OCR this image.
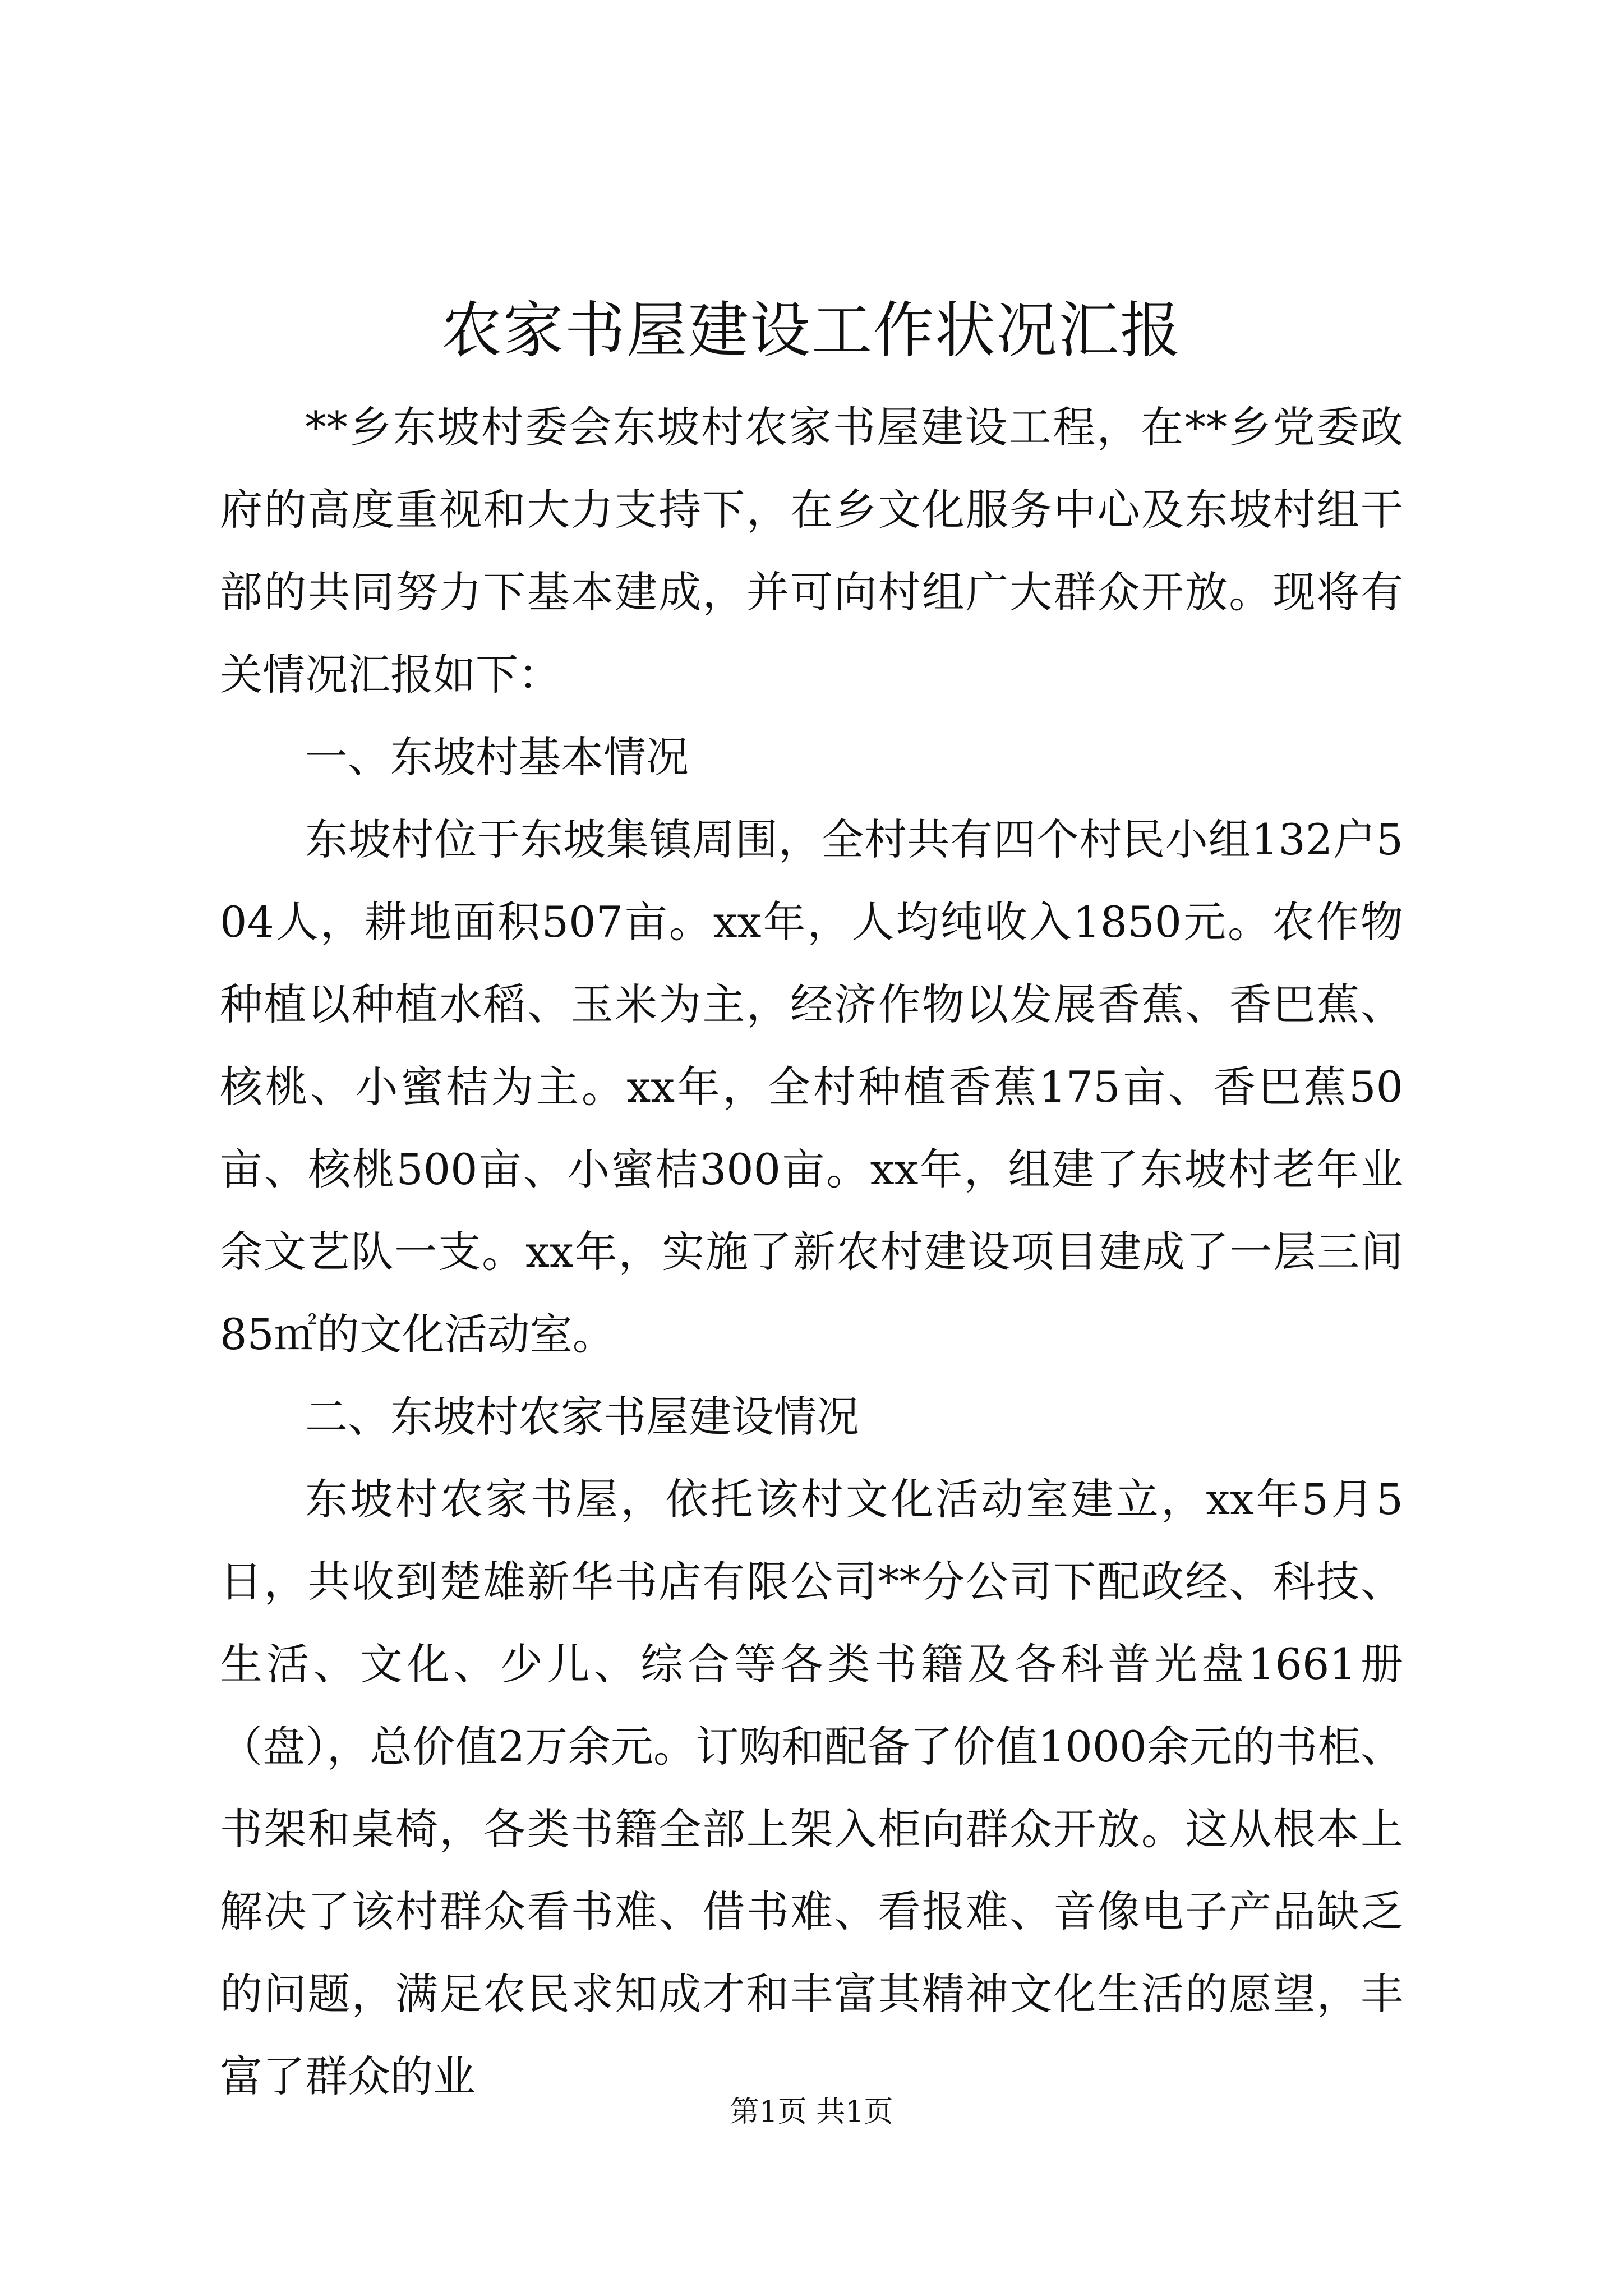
农家书屋建设工作状况汇报

**乡东坡村委会东坡村农家书屋建设工程，在**乡党委政府的高度重视和大力支持下，在乡文化服务中心及东坡村组干部的共同努力下基本建成，并可向村组广大群众开放。现将有关情况汇报如下：

一、东坡村基本情况

东坡村位于东坡集镇周围，全村共有四个村民小组132户504人，耕地面积507亩。xx年，人均纯收入1850元。农作物种植以种植水稻、玉米为主，经济作物以发展香蕉、香巴蕉、核桃、小蜜桔为主。xx年，全村种植香蕉175亩、香巴蕉50亩、核桃500亩、小蜜桔300亩。xx年，组建了东坡村老年业余文艺队一支。xx年，实施了新农村建设项目建成了一层三间85㎡的文化活动室。

二、东坡村农家书屋建设情况

东坡村农家书屋，依托该村文化活动室建立，xx年5月5日，共收到楚雄新华书店有限公司**分公司下配政经、科技、生活、文化、少儿、综合等各类书籍及各科普光盘1661册（盘），总价值2万余元。订购和配备了价值1000余元的书柜、书架和桌椅，各类书籍全部上架入柜向群众开放。这从根本上解决了该村群众看书难、借书难、看报难、音像电子产品缺乏的问题，满足农民求知成才和丰富其精神文化生活的愿望，丰富了群众的业

第1页 共1页
